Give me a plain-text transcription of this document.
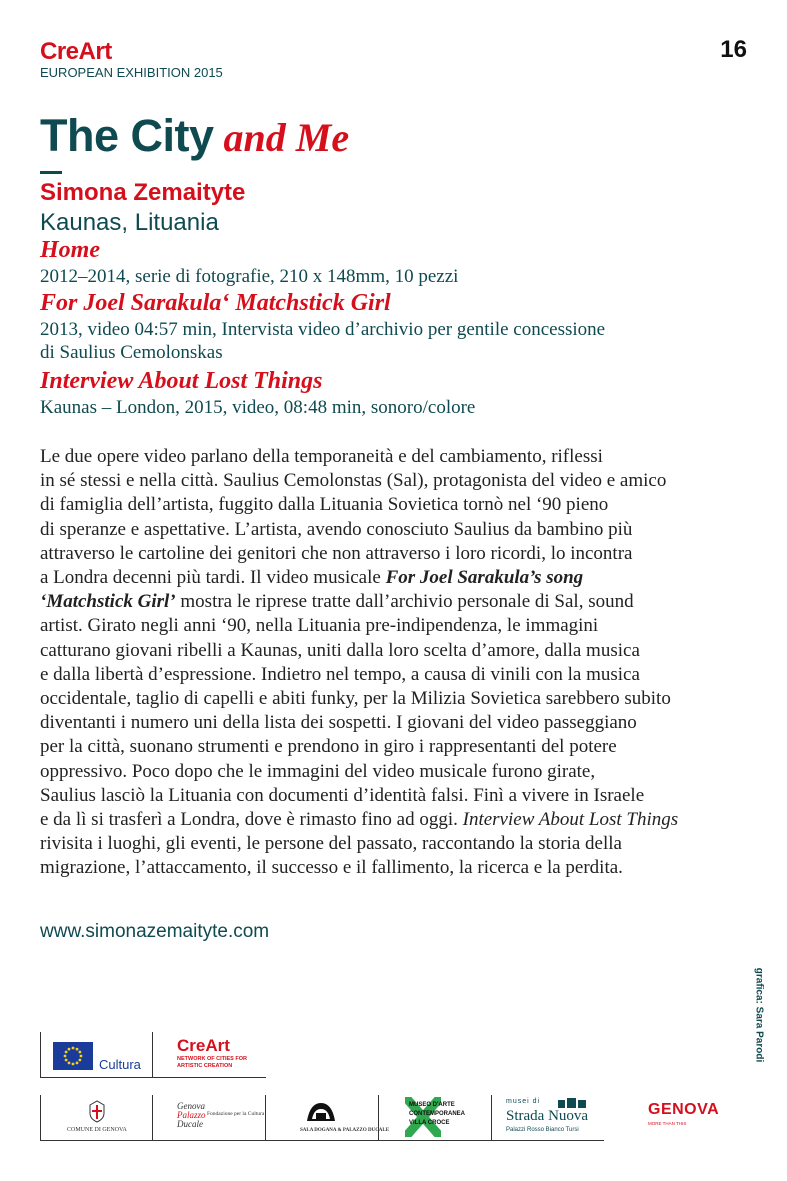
CreArt
EUROPEAN EXHIBITION 2015
16
The City and Me
Simona Zemaityte
Kaunas, Lituania
Home
2012–2014, serie di fotografie, 210 x 148mm, 10 pezzi
For Joel Sarakula‘ Matchstick Girl
2013, video 04:57 min, Intervista video d’archivio per gentile concessione
di Saulius Cemolonskas
Interview About Lost Things
Kaunas – London, 2015, video, 08:48 min, sonoro/colore
Le due opere video parlano della temporaneità e del cambiamento, riflessi
in sé stessi e nella città. Saulius Cemolonstas (Sal), protagonista del video e amico
di famiglia dell’artista, fuggito dalla Lituania Sovietica tornò nel ‘90 pieno
di speranze e aspettative. L’artista, avendo conosciuto Saulius da bambino più
attraverso le cartoline dei genitori che non attraverso i loro ricordi, lo incontra
a Londra decenni più tardi. Il video musicale For Joel Sarakula’s song
‘Matchstick Girl’ mostra le riprese tratte dall’archivio personale di Sal, sound
artist. Girato negli anni ‘90, nella Lituania pre-indipendenza, le immagini
catturano giovani ribelli a Kaunas, uniti dalla loro scelta d’amore, dalla musica
e dalla libertà d’espressione. Indietro nel tempo, a causa di vinili con la musica
occidentale, taglio di capelli e abiti funky, per la Milizia Sovietica sarebbero subito
diventanti i numero uni della lista dei sospetti. I giovani del video passeggiano
per la città, suonano strumenti e prendono in giro i rappresentanti del potere
oppressivo. Poco dopo che le immagini del video musicale furono girate,
Saulius lasciò la Lituania con documenti d’identità falsi. Finì a vivere in Israele
e da lì si trasferì a Londra, dove è rimasto fino ad oggi. Interview About Lost Things
rivisita i luoghi, gli eventi, le persone del passato, raccontando la storia della
migrazione, l’attaccamento, il successo e il fallimento, la ricerca e la perdita.
www.simonazemaityte.com
grafica: Sara Parodi
Cultura
CreArt
NETWORK OF CITIES FOR ARTISTIC CREATION
COMUNE DI GENOVA
Genova
Palazzo
Ducale
Fondazione per la Cultura
SALA DOGANA & PALAZZO DUCALE
MUSEO D'ARTE
CONTEMPORANEA
VILLA CROCE
musei di
Strada Nuova
Palazzi Rosso Bianco Tursi
GENOVA
MORE THAN THIS
